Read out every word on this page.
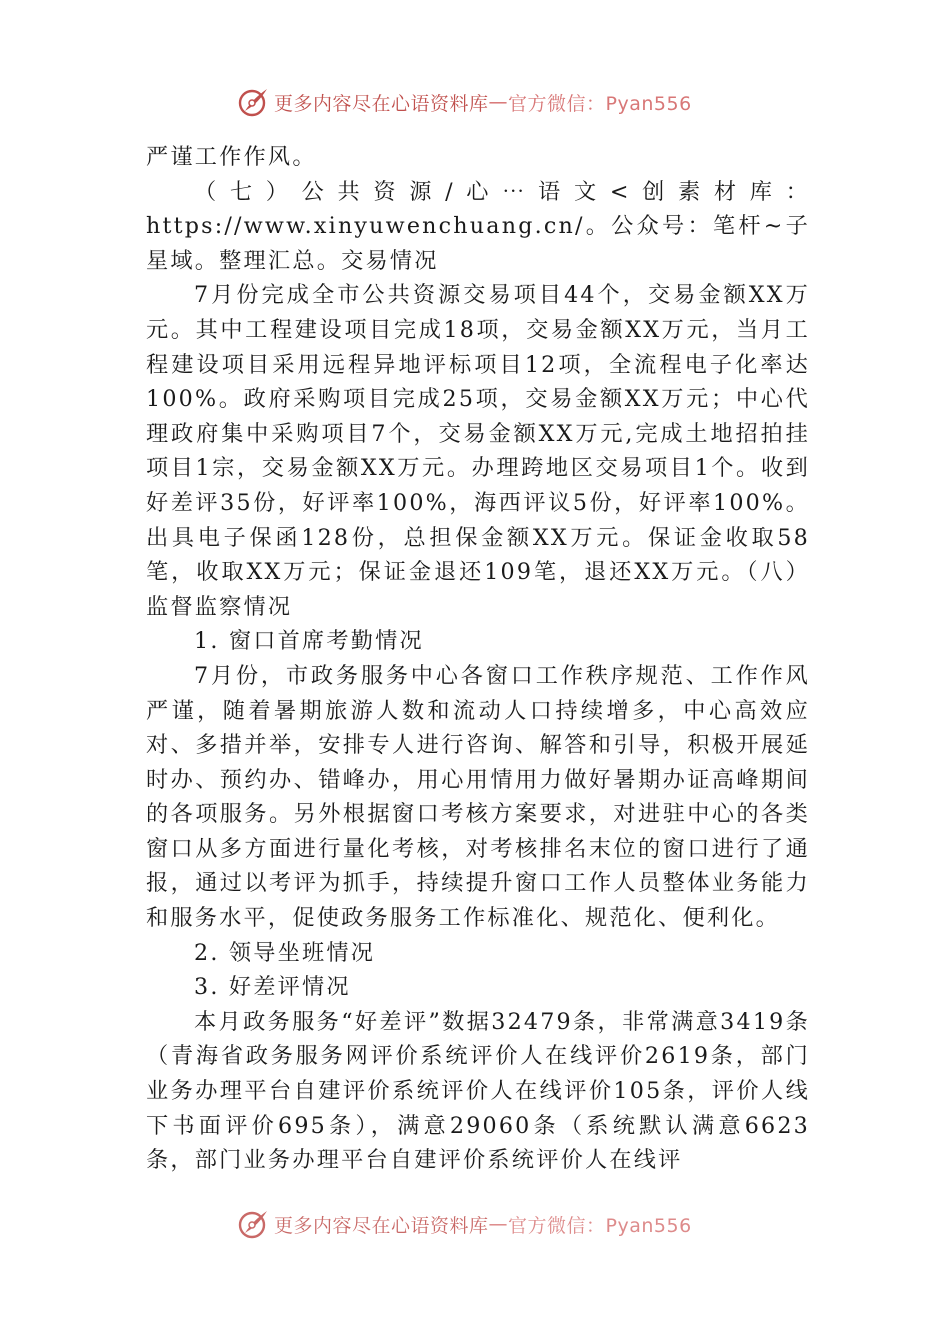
更多内容尽在心语资料库 — 官方微信：Pyan556

严谨工作作风。

（七）公共资源/心⋯语文<创素材库：https://www.xinyuwenchuang.cn/。公众号：笔杆~子星域。整理汇总。交易情况

7月份完成全市公共资源交易项目44个，交易金额XX万元。其中工程建设项目完成18项，交易金额XX万元，当月工程建设项目采用远程异地评标项目12项，全流程电子化率达100%。政府采购项目完成25项，交易金额XX万元；中心代理政府集中采购项目7个，交易金额XX万元,完成土地招拍挂项目1宗，交易金额XX万元。办理跨地区交易项目1个。收到好差评35份，好评率100%，海西评议5份，好评率100%。出具电子保函128份，总担保金额XX万元。保证金收取58笔，收取XX万元；保证金退还109笔，退还XX万元。（八）监督监察情况

1. 窗口首席考勤情况

7月份，市政务服务中心各窗口工作秩序规范、工作作风严谨，随着暑期旅游人数和流动人口持续增多，中心高效应对、多措并举，安排专人进行咨询、解答和引导，积极开展延时办、预约办、错峰办，用心用情用力做好暑期办证高峰期间的各项服务。另外根据窗口考核方案要求，对进驻中心的各类窗口从多方面进行量化考核，对考核排名末位的窗口进行了通报，通过以考评为抓手，持续提升窗口工作人员整体业务能力和服务水平，促使政务服务工作标准化、规范化、便利化。

2. 领导坐班情况

3. 好差评情况

本月政务服务“好差评”数据32479条，非常满意3419条（青海省政务服务网评价系统评价人在线评价2619条，部门业务办理平台自建评价系统评价人在线评价105条，评价人线下书面评价695条），满意29060条（系统默认满意6623条，部门业务办理平台自建评价系统评价人在线评

更多内容尽在心语资料库 — 官方微信：Pyan556
